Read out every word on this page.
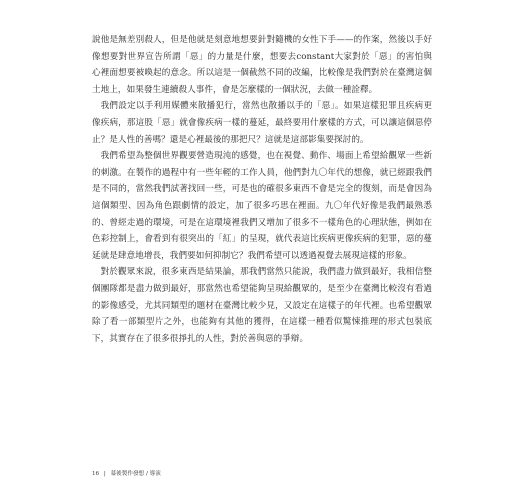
說他是無差別殺人，但是他就是刻意地想要針對隨機的女性下手——的作案，然後以手好像想要對世界宣告所謂「惡」的力量是什麼，想要去constant大家對於「惡」的害怕與心裡面想要被喚起的意念。所以這是一個截然不同的改編，比較像是我們對於在臺灣這個土地上，如果發生連續殺人事件，會是怎麼樣的一個狀況，去做一種詮釋。

我們設定以手利用媒體來散播犯行，當然也散播以手的「惡」。如果這樣犯罪且疾病更像疾病，那這股「惡」就會像疾病一樣的蔓延，最終要用什麼樣的方式，可以讓這個惡停止？是人性的善嗎？還是心裡最後的那把尺？這就是這部影集要探討的。

我們希望為整個世界觀要營造現沌的感覺，也在視覺、動作、場面上希望給觀眾一些新的刺激。在製作的過程中有一些年輕的工作人員，他們對九〇年代的想像，就已經跟我們是不同的，當然我們試著找回一些，可是也的確很多東西不會是完全的復刻，而是會因為這個類型、因為角色跟劇情的設定，加了很多巧思在裡面。九〇年代好像是我們最熟悉的、曾經走過的環境，可是在這環境裡我們又增加了很多不一樣角色的心理狀態，例如在色彩控制上，會看到有很突出的「紅」的呈現，就代表這比疾病更像疾病的犯罪，惡的蔓延就是肆意地增長，我們要如何抑制它？我們希望可以透過視覺去展現這樣的形象。

對於觀眾來說，很多東西是結果論，那我們當然只能說，我們盡力做到最好，我相信整個團隊都是盡力做到最好，那當然也希望能夠呈現給觀眾的，是至少在臺灣比較沒有看過的影像感受，尤其同類型的題材在臺灣比較少見，又設定在這樣子的年代裡。也希望觀眾除了看一部類型片之外，也能夠有其他的獲得，在這樣一種看似驚悚推理的形式包裝底下，其實存在了很多很掙扎的人性，對於善與惡的爭辯。

16 | 幕後製作發想 / 導演
